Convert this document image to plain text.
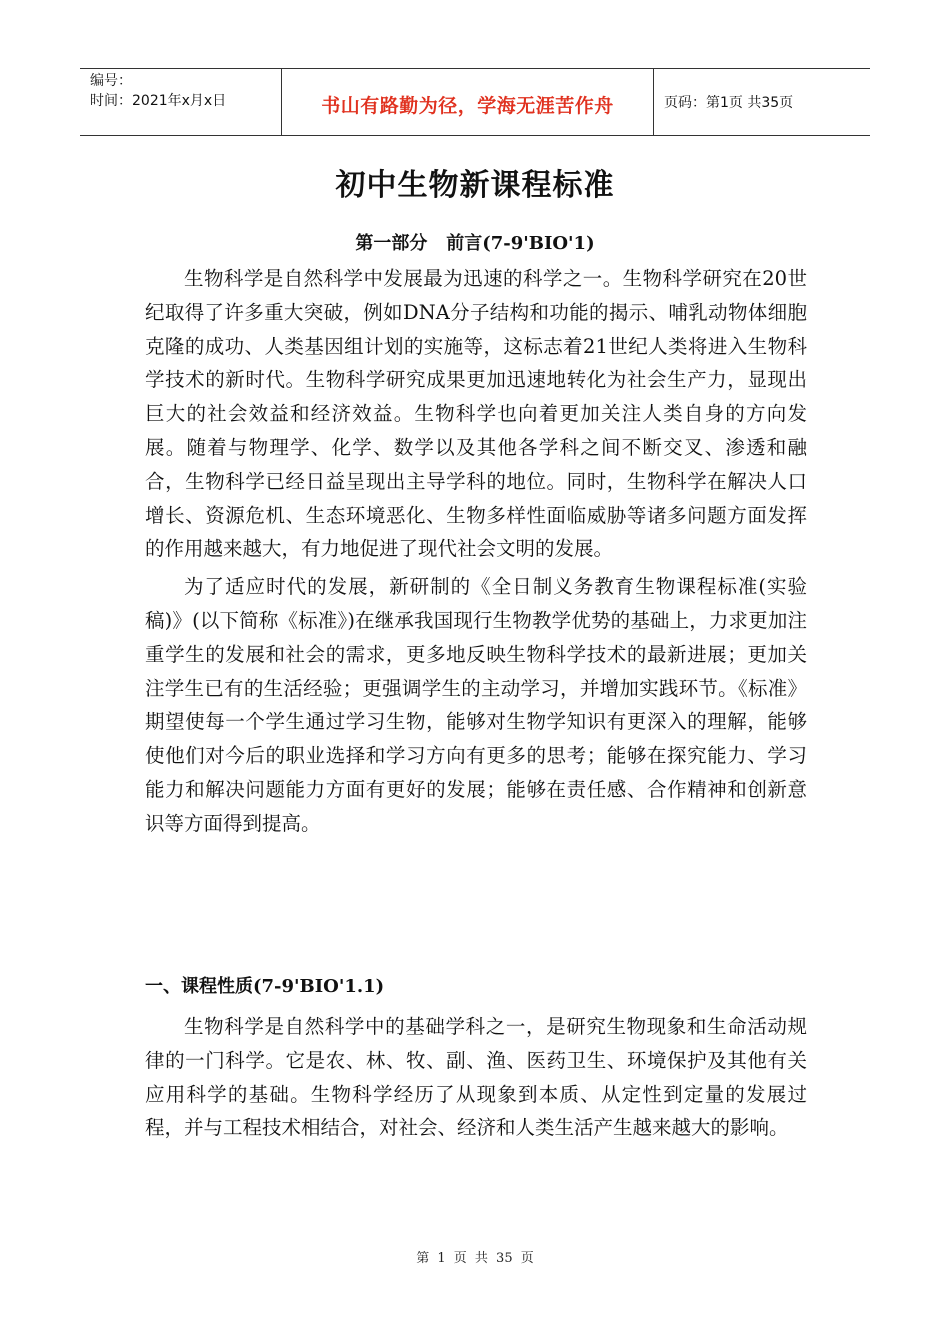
编号：
时间：2021年x月x日	书山有路勤为径，学海无涯苦作舟	页码：第1页 共35页
初中生物新课程标准
第一部分   前言(7-9'BIO'1)

生物科学是自然科学中发展最为迅速的科学之一。生物科学研究在20世纪取得了许多重大突破，例如DNA分子结构和功能的揭示、哺乳动物体细胞克隆的成功、人类基因组计划的实施等，这标志着21世纪人类将进入生物科学技术的新时代。生物科学研究成果更加迅速地转化为社会生产力，显现出巨大的社会效益和经济效益。生物科学也向着更加关注人类自身的方向发展。随着与物理学、化学、数学以及其他各学科之间不断交叉、渗透和融合，生物科学已经日益呈现出主导学科的地位。同时，生物科学在解决人口增长、资源危机、生态环境恶化、生物多样性面临威胁等诸多问题方面发挥的作用越来越大，有力地促进了现代社会文明的发展。

为了适应时代的发展，新研制的《全日制义务教育生物课程标准(实验稿)》(以下简称《标准》)在继承我国现行生物教学优势的基础上，力求更加注重学生的发展和社会的需求，更多地反映生物科学技术的最新进展；更加关注学生已有的生活经验；更强调学生的主动学习，并增加实践环节。《标准》期望使每一个学生通过学习生物，能够对生物学知识有更深入的理解，能够使他们对今后的职业选择和学习方向有更多的思考；能够在探究能力、学习能力和解决问题能力方面有更好的发展；能够在责任感、合作精神和创新意识等方面得到提高。

一、课程性质(7-9'BIO'1.1)

生物科学是自然科学中的基础学科之一，是研究生物现象和生命活动规律的一门科学。它是农、林、牧、副、渔、医药卫生、环境保护及其他有关应用科学的基础。生物科学经历了从现象到本质、从定性到定量的发展过程，并与工程技术相结合，对社会、经济和人类生活产生越来越大的影响。

第 1 页 共 35 页
